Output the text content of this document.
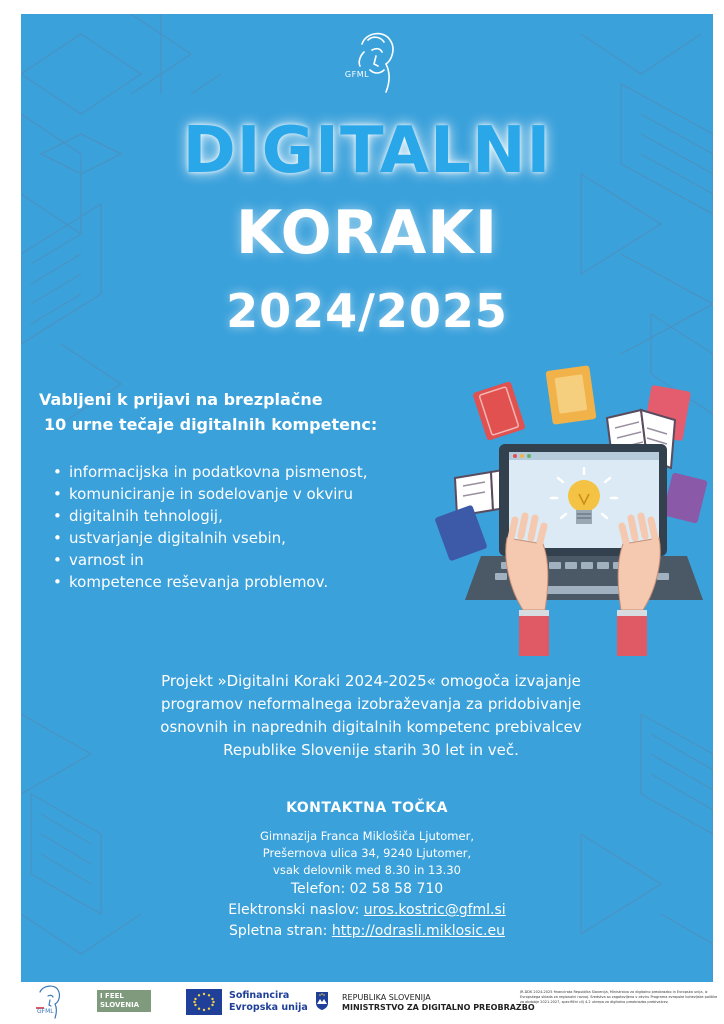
GFML
DIGITALNI
KORAKI
2024/2025
Vabljeni k prijavi na brezplačne
10 urne tečaje digitalnih kompetenc:
• informacijska in podatkovna pismenost,
• komuniciranje in sodelovanje v okviru
• digitalnih tehnologij,
• ustvarjanje digitalnih vsebin,
• varnost in
• kompetence reševanja problemov.
Projekt »Digitalni Koraki 2024-2025« omogoča izvajanje
programov neformalnega izobraževanja za pridobivanje
osnovnih in naprednih digitalnih kompetenc prebivalcev
Republike Slovenije starih 30 let in več.
KONTAKTNA TOČKA
Gimnazija Franca Miklošiča Ljutomer,
Prešernova ulica 34, 9240 Ljutomer,
vsak delovnik med 8.30 in 13.30
Telefon: 02 58 58 710
Elektronski naslov: uros.kostric@gfml.si
Spletna stran: http://odrasli.miklosic.eu
GFML
I FEEL
SLOVENIA
Sofinancira
Evropska unija
REPUBLIKA SLOVENIJA
MINISTRSTVO ZA DIGITALNO PREOBRAZBO
JR-DDK 2024-2025 financirata Republika Slovenija, Ministrstvo za digitalno preobrazbo in Evropska unija, iz Evropskega sklada za regionalni razvoj. Sredstva so zagotovljena v okviru Programa evropske kohezijske politike za obdobje 2021-2027, specifični cilj 4.2 ukrepa za digitalno preobrazbo prebivalcev.
